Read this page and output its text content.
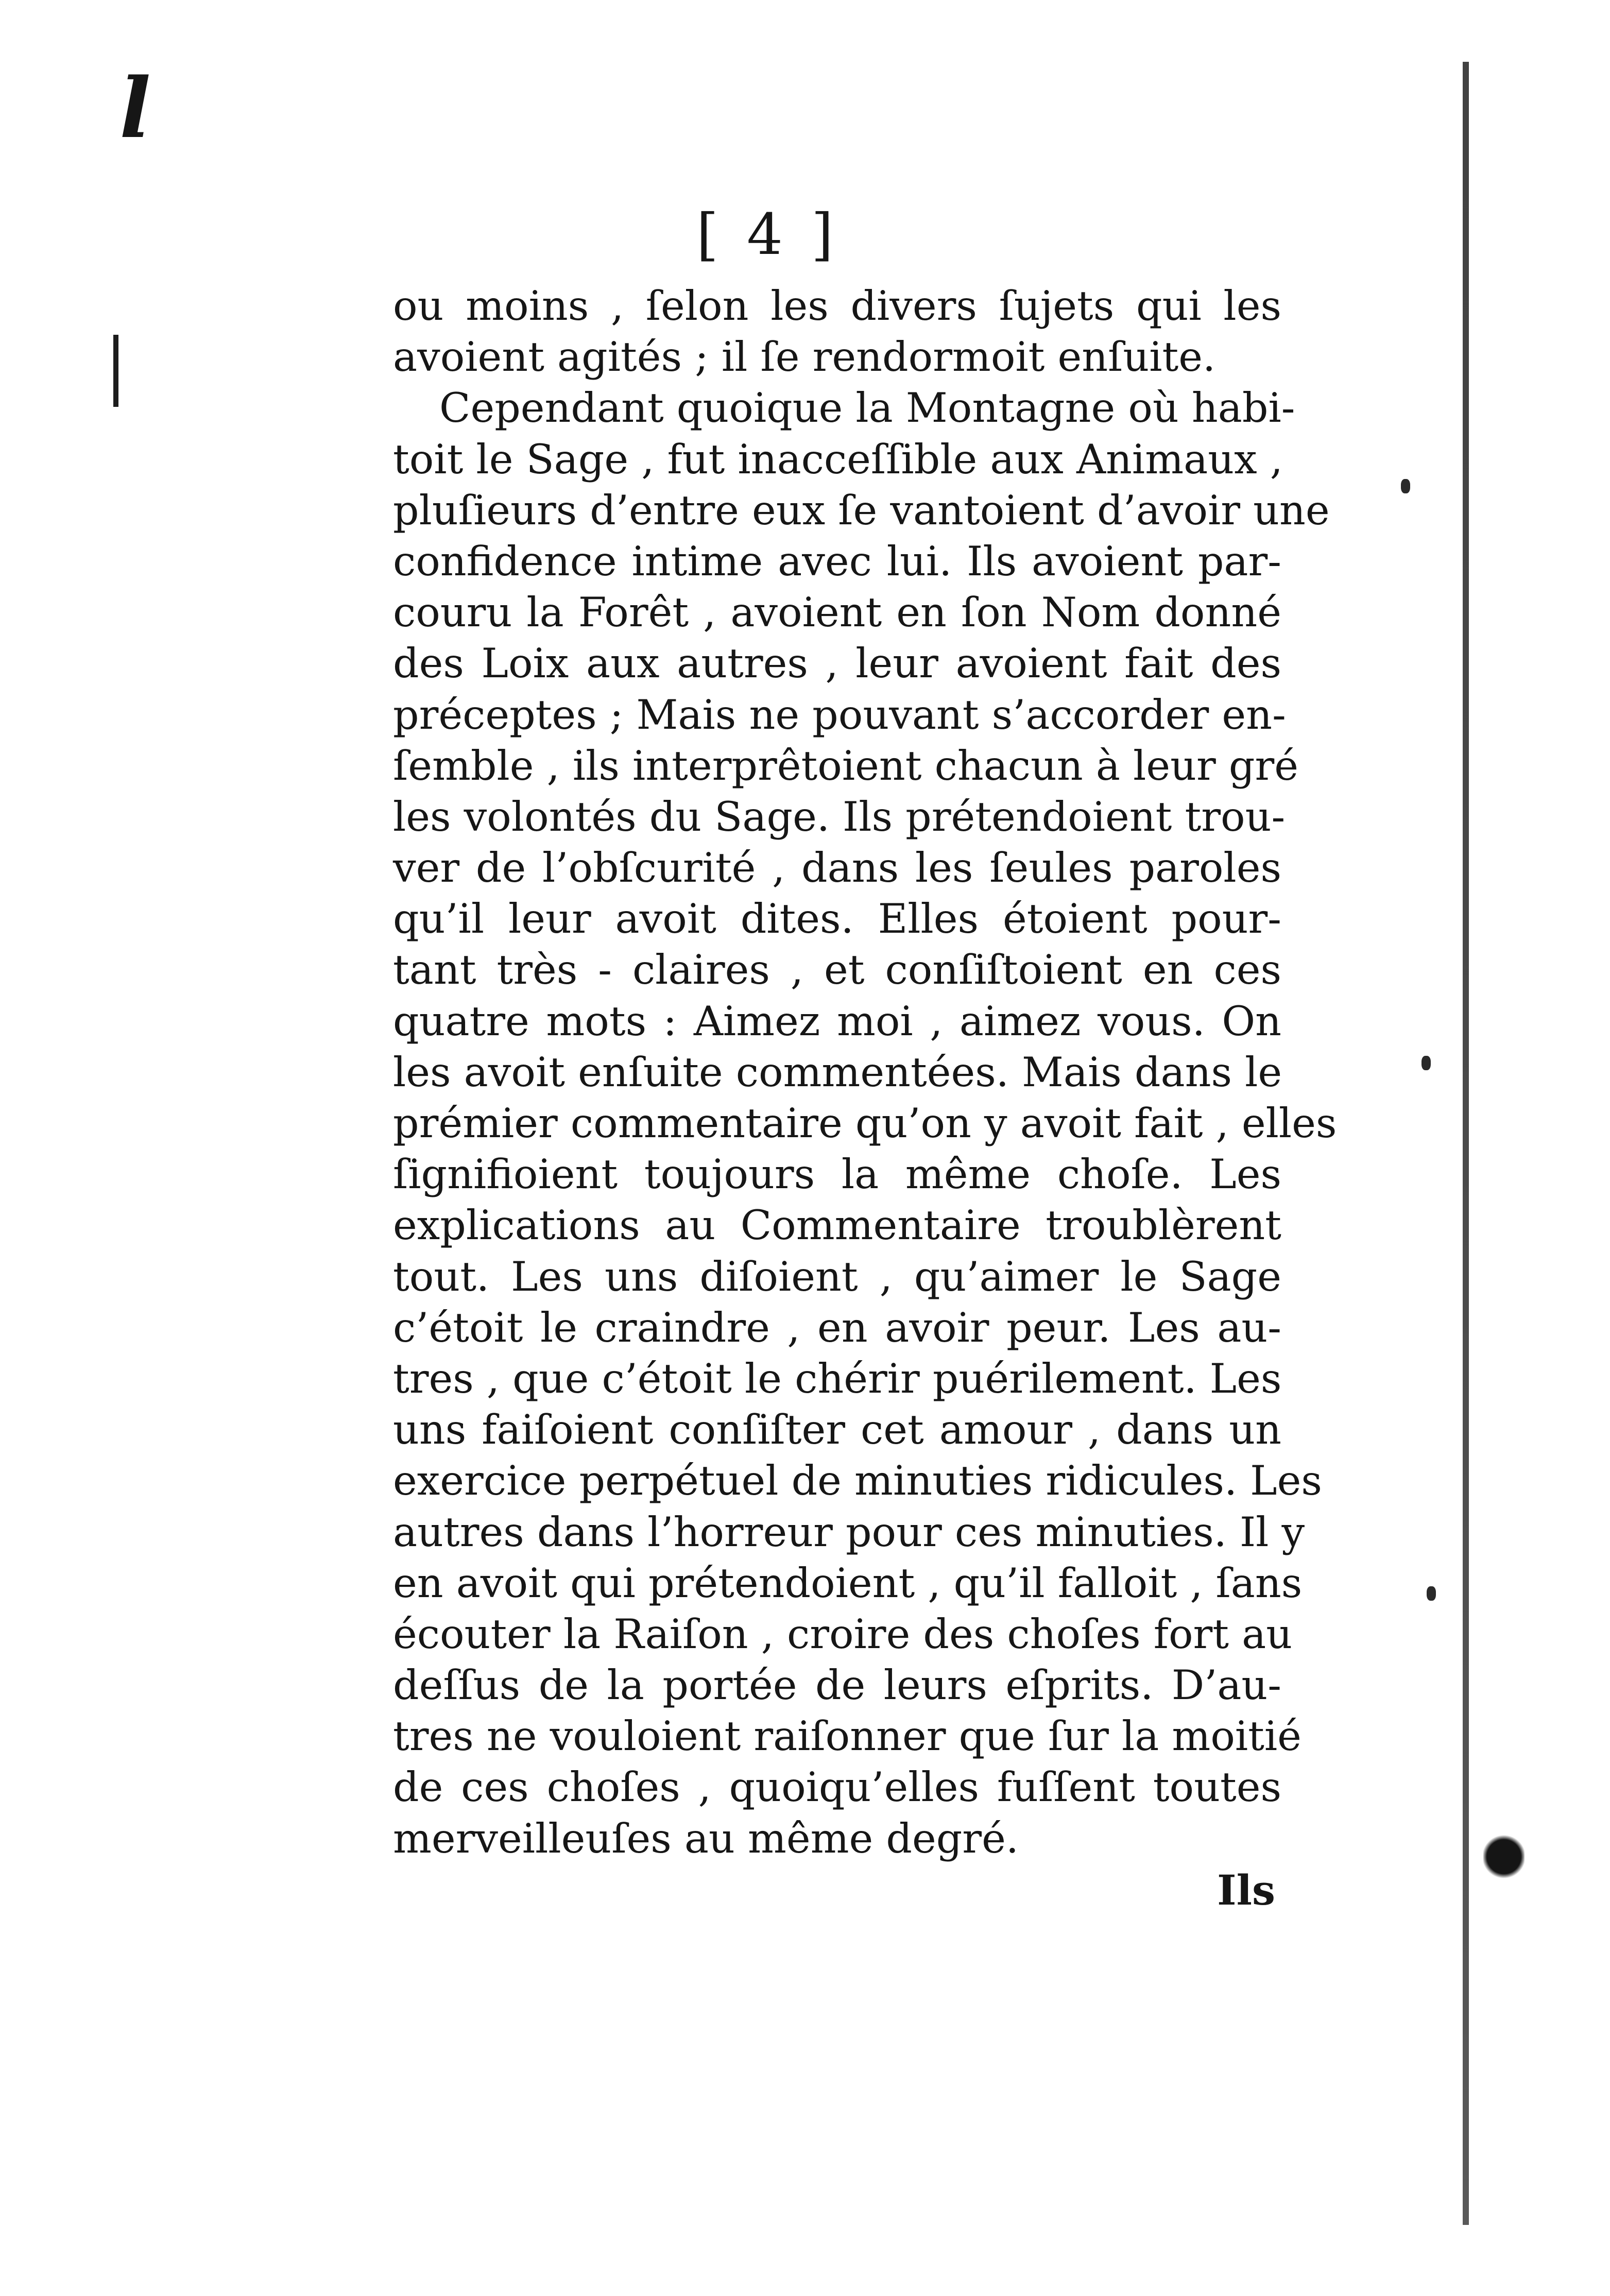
l
[ 4 ]
ou moins , ſelon les divers ſujets qui les
avoient agités ; il ſe rendormoit enſuite.
Cependant quoique la Montagne où habi-
toit le Sage , fut inacceſſible aux Animaux ,
pluſieurs d’entre eux ſe vantoient d’avoir une
confidence intime avec lui. Ils avoient par-
couru la Forêt , avoient en ſon Nom donné
des Loix aux autres , leur avoient fait des
préceptes ; Mais ne pouvant s’accorder en-
ſemble , ils interprêtoient chacun à leur gré
les volontés du Sage. Ils prétendoient trou-
ver de l’obſcurité , dans les ſeules paroles
qu’il leur avoit dites. Elles étoient pour-
tant très - claires , et conſiſtoient en ces
quatre mots : Aimez moi , aimez vous. On
les avoit enſuite commentées. Mais dans le
prémier commentaire qu’on y avoit fait , elles
ſignifioient toujours la même choſe. Les
explications au Commentaire troublèrent
tout. Les uns diſoient , qu’aimer le Sage
c’étoit le craindre , en avoir peur. Les au-
tres , que c’étoit le chérir puérilement. Les
uns faiſoient conſiſter cet amour , dans un
exercice perpétuel de minuties ridicules. Les
autres dans l’horreur pour ces minuties. Il y
en avoit qui prétendoient , qu’il falloit , ſans
écouter la Raiſon , croire des choſes fort au
deſſus de la portée de leurs eſprits. D’au-
tres ne vouloient raiſonner que ſur la moitié
de ces choſes , quoiqu’elles fuſſent toutes
merveilleuſes au même degré.
Ils
